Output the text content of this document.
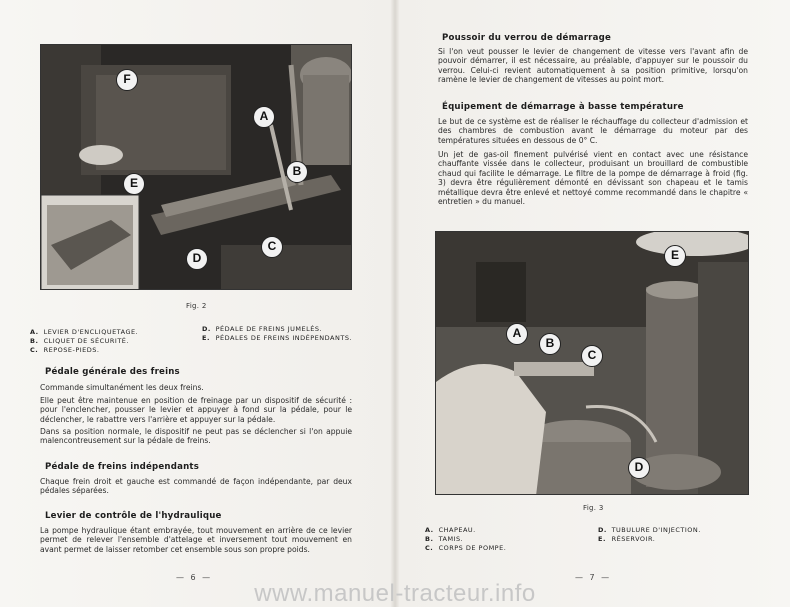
F
A
B
E
C
D
Fig. 2
A. LEVIER D'ENCLIQUETAGE.
B. CLIQUET DE SÉCURITÉ.
C. REPOSE-PIEDS.
D. PÉDALE DE FREINS JUMELÉS.
E. PÉDALES DE FREINS INDÉPENDANTS.
Pédale générale des freins
Commande simultanément les deux freins.
Elle peut être maintenue en position de freinage par un dispositif de sécurité : pour l'enclencher, pousser le levier et appuyer à fond sur la pédale, pour le déclencher, le rabattre vers l'arrière et appuyer sur la pédale.
Dans sa position normale, le dispositif ne peut pas se déclencher si l'on appuie malencontreusement sur la pédale de freins.
Pédale de freins indépendants
Chaque frein droit et gauche est commandé de façon indépendante, par deux pédales séparées.
Levier de contrôle de l'hydraulique
La pompe hydraulique étant embrayée, tout mouvement en arrière de ce levier permet de relever l'ensemble d'attelage et inversement tout mouvement en avant permet de laisser retomber cet ensemble sous son propre poids.
— 6 —
Poussoir du verrou de démarrage
Si l'on veut pousser le levier de changement de vitesse vers l'avant afin de pouvoir démarrer, il est nécessaire, au préalable, d'appuyer sur le poussoir du verrou. Celui-ci revient automatiquement à sa position primitive, lorsqu'on ramène le levier de changement de vitesses au point mort.
Équipement de démarrage à basse température
Le but de ce système est de réaliser le réchauffage du collecteur d'admission et des chambres de combustion avant le démarrage du moteur par des températures situées en dessous de 0° C.
Un jet de gas-oil finement pulvérisé vient en contact avec une résistance chauffante vissée dans le collecteur, produisant un brouillard de combustible chaud qui facilite le démarrage. Le filtre de la pompe de démarrage à froid (fig. 3) devra être régulièrement démonté en dévissant son chapeau et le tamis métallique devra être enlevé et nettoyé comme recommandé dans le chapitre « entretien » du manuel.
E
A
B
C
D
Fig. 3
A. CHAPEAU.
B. TAMIS.
C. CORPS DE POMPE.
D. TUBULURE D'INJECTION.
E. RÉSERVOIR.
— 7 —
www.manuel-tracteur.info
